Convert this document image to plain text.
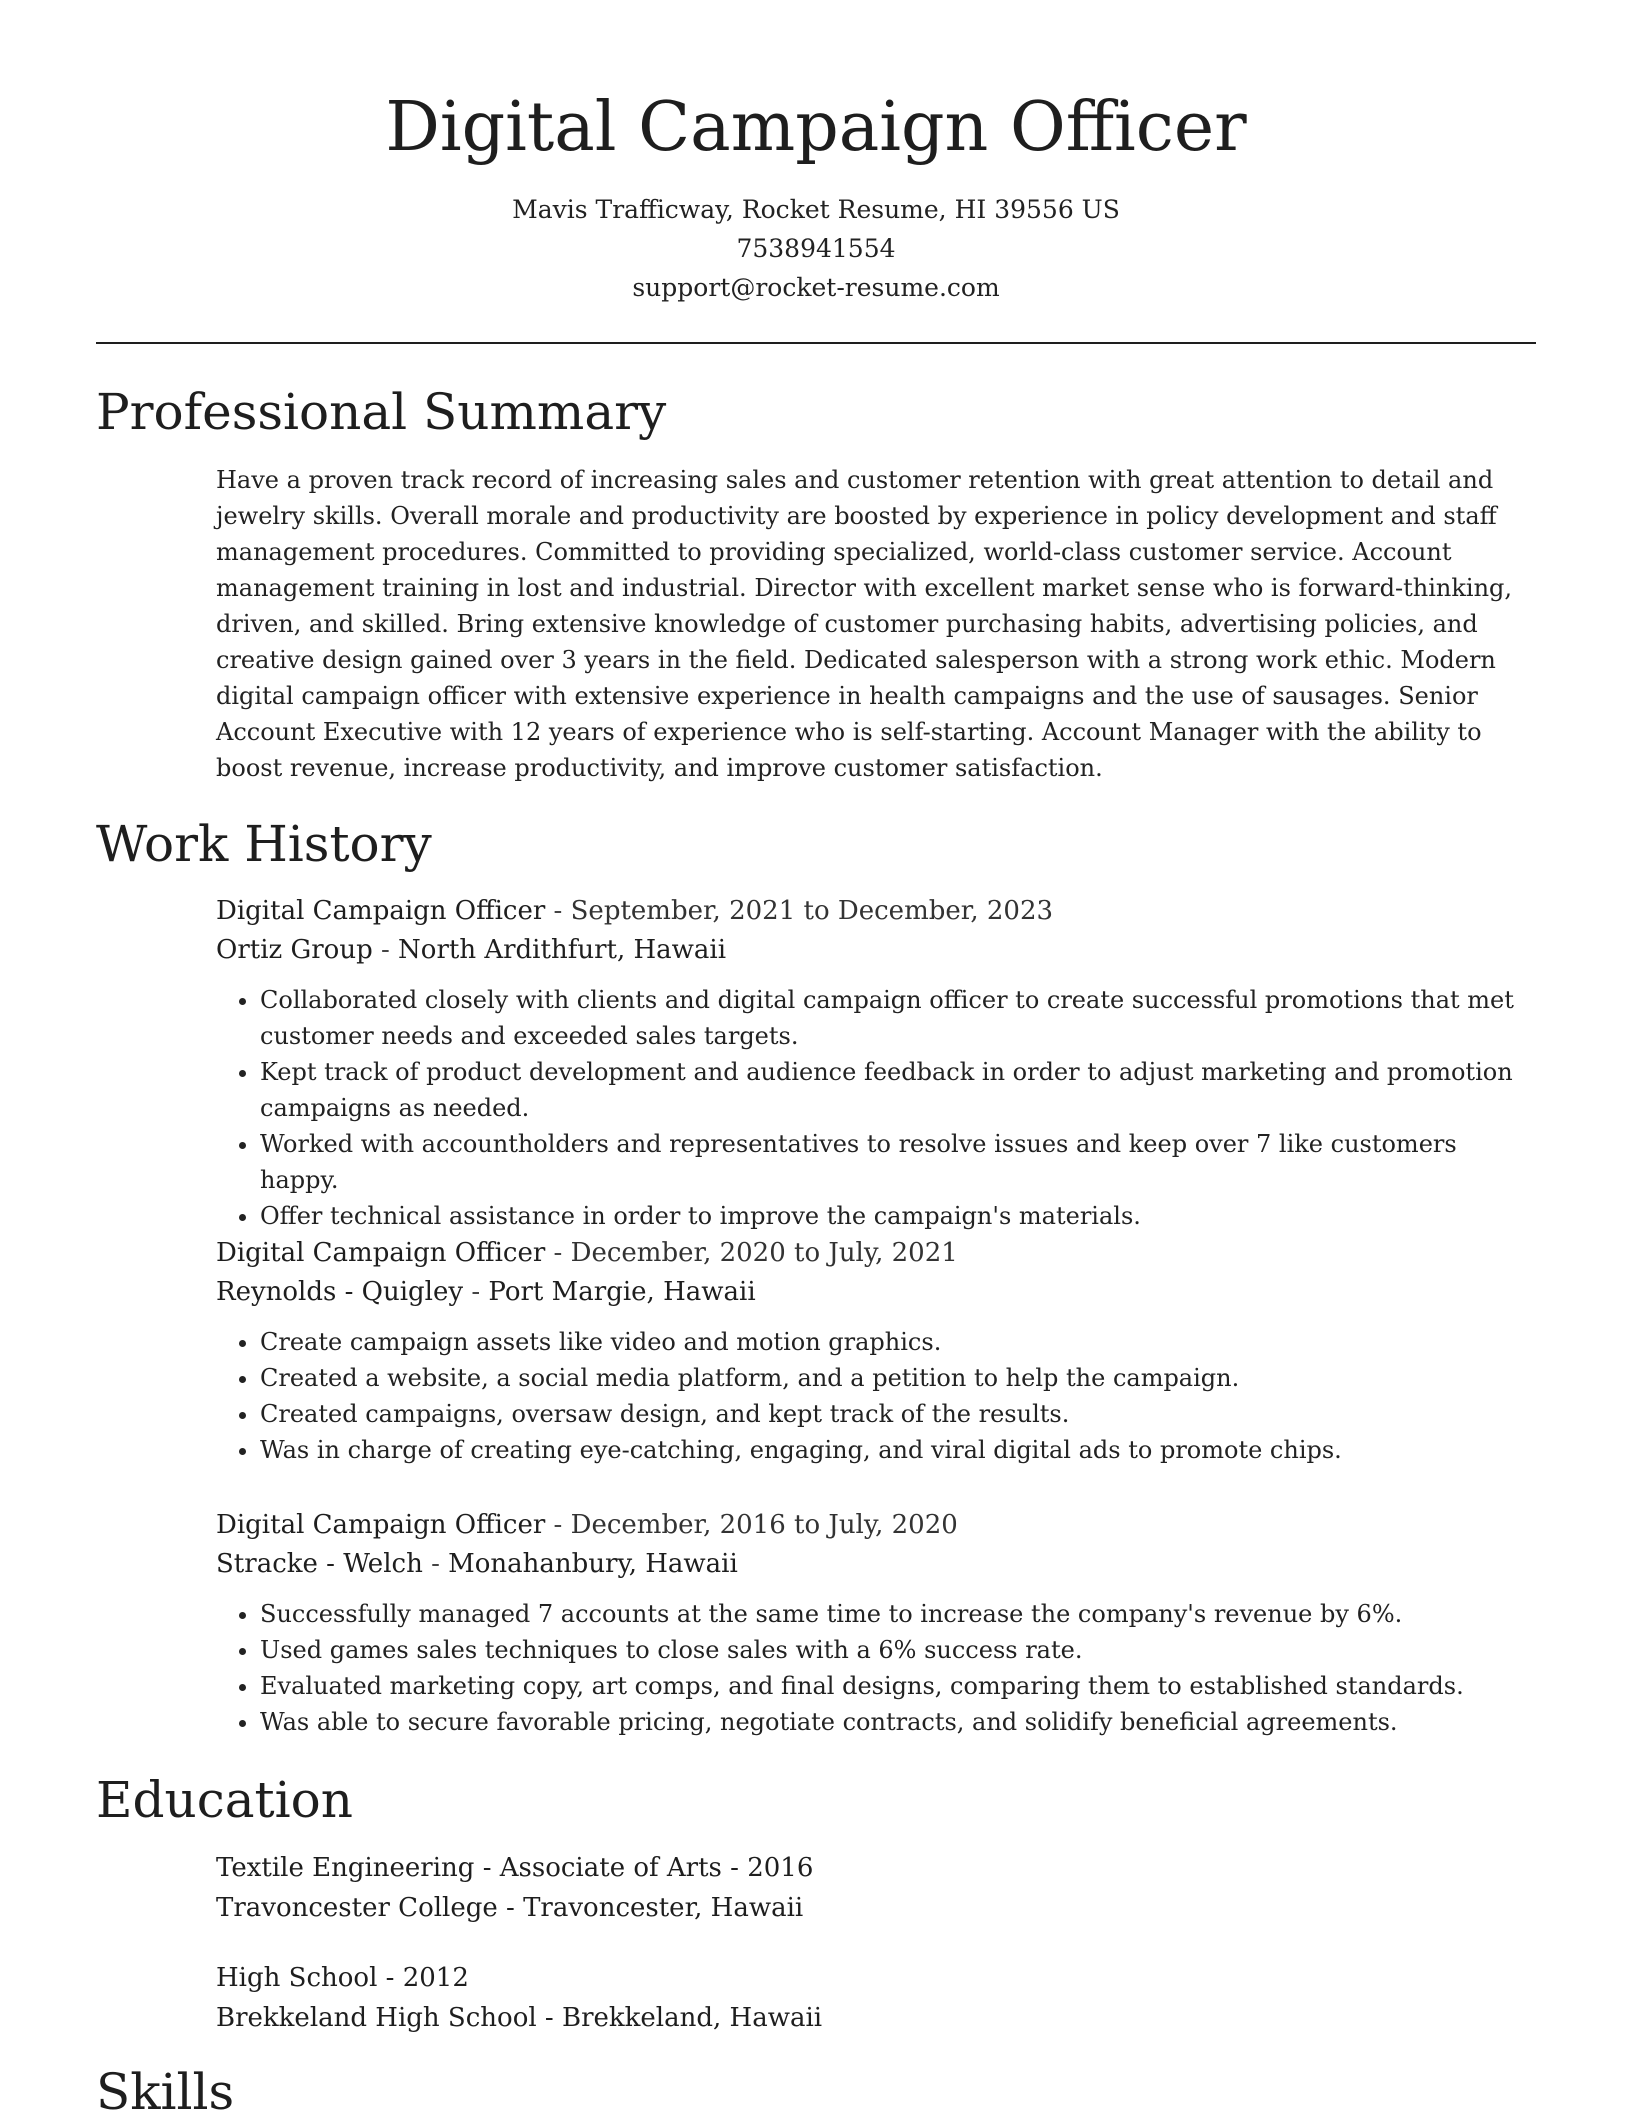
Digital Campaign Officer
Mavis Trafficway, Rocket Resume, HI 39556 US
7538941554
support@rocket-resume.com
Professional Summary
Have a proven track record of increasing sales and customer retention with great attention to detail and jewelry skills. Overall morale and productivity are boosted by experience in policy development and staff management procedures. Committed to providing specialized, world-class customer service. Account management training in lost and industrial. Director with excellent market sense who is forward-thinking, driven, and skilled. Bring extensive knowledge of customer purchasing habits, advertising policies, and creative design gained over 3 years in the field. Dedicated salesperson with a strong work ethic. Modern digital campaign officer with extensive experience in health campaigns and the use of sausages. Senior Account Executive with 12 years of experience who is self-starting. Account Manager with the ability to boost revenue, increase productivity, and improve customer satisfaction.
Work History
Digital Campaign Officer - September, 2021 to December, 2023
Ortiz Group - North Ardithfurt, Hawaii
• Collaborated closely with clients and digital campaign officer to create successful promotions that met customer needs and exceeded sales targets.
• Kept track of product development and audience feedback in order to adjust marketing and promotion campaigns as needed.
• Worked with accountholders and representatives to resolve issues and keep over 7 like customers happy.
• Offer technical assistance in order to improve the campaign's materials.
Digital Campaign Officer - December, 2020 to July, 2021
Reynolds - Quigley - Port Margie, Hawaii
• Create campaign assets like video and motion graphics.
• Created a website, a social media platform, and a petition to help the campaign.
• Created campaigns, oversaw design, and kept track of the results.
• Was in charge of creating eye-catching, engaging, and viral digital ads to promote chips.
Digital Campaign Officer - December, 2016 to July, 2020
Stracke - Welch - Monahanbury, Hawaii
• Successfully managed 7 accounts at the same time to increase the company's revenue by 6%.
• Used games sales techniques to close sales with a 6% success rate.
• Evaluated marketing copy, art comps, and final designs, comparing them to established standards.
• Was able to secure favorable pricing, negotiate contracts, and solidify beneficial agreements.
Education
Textile Engineering - Associate of Arts - 2016
Travoncester College - Travoncester, Hawaii
High School - 2012
Brekkeland High School - Brekkeland, Hawaii
Skills
